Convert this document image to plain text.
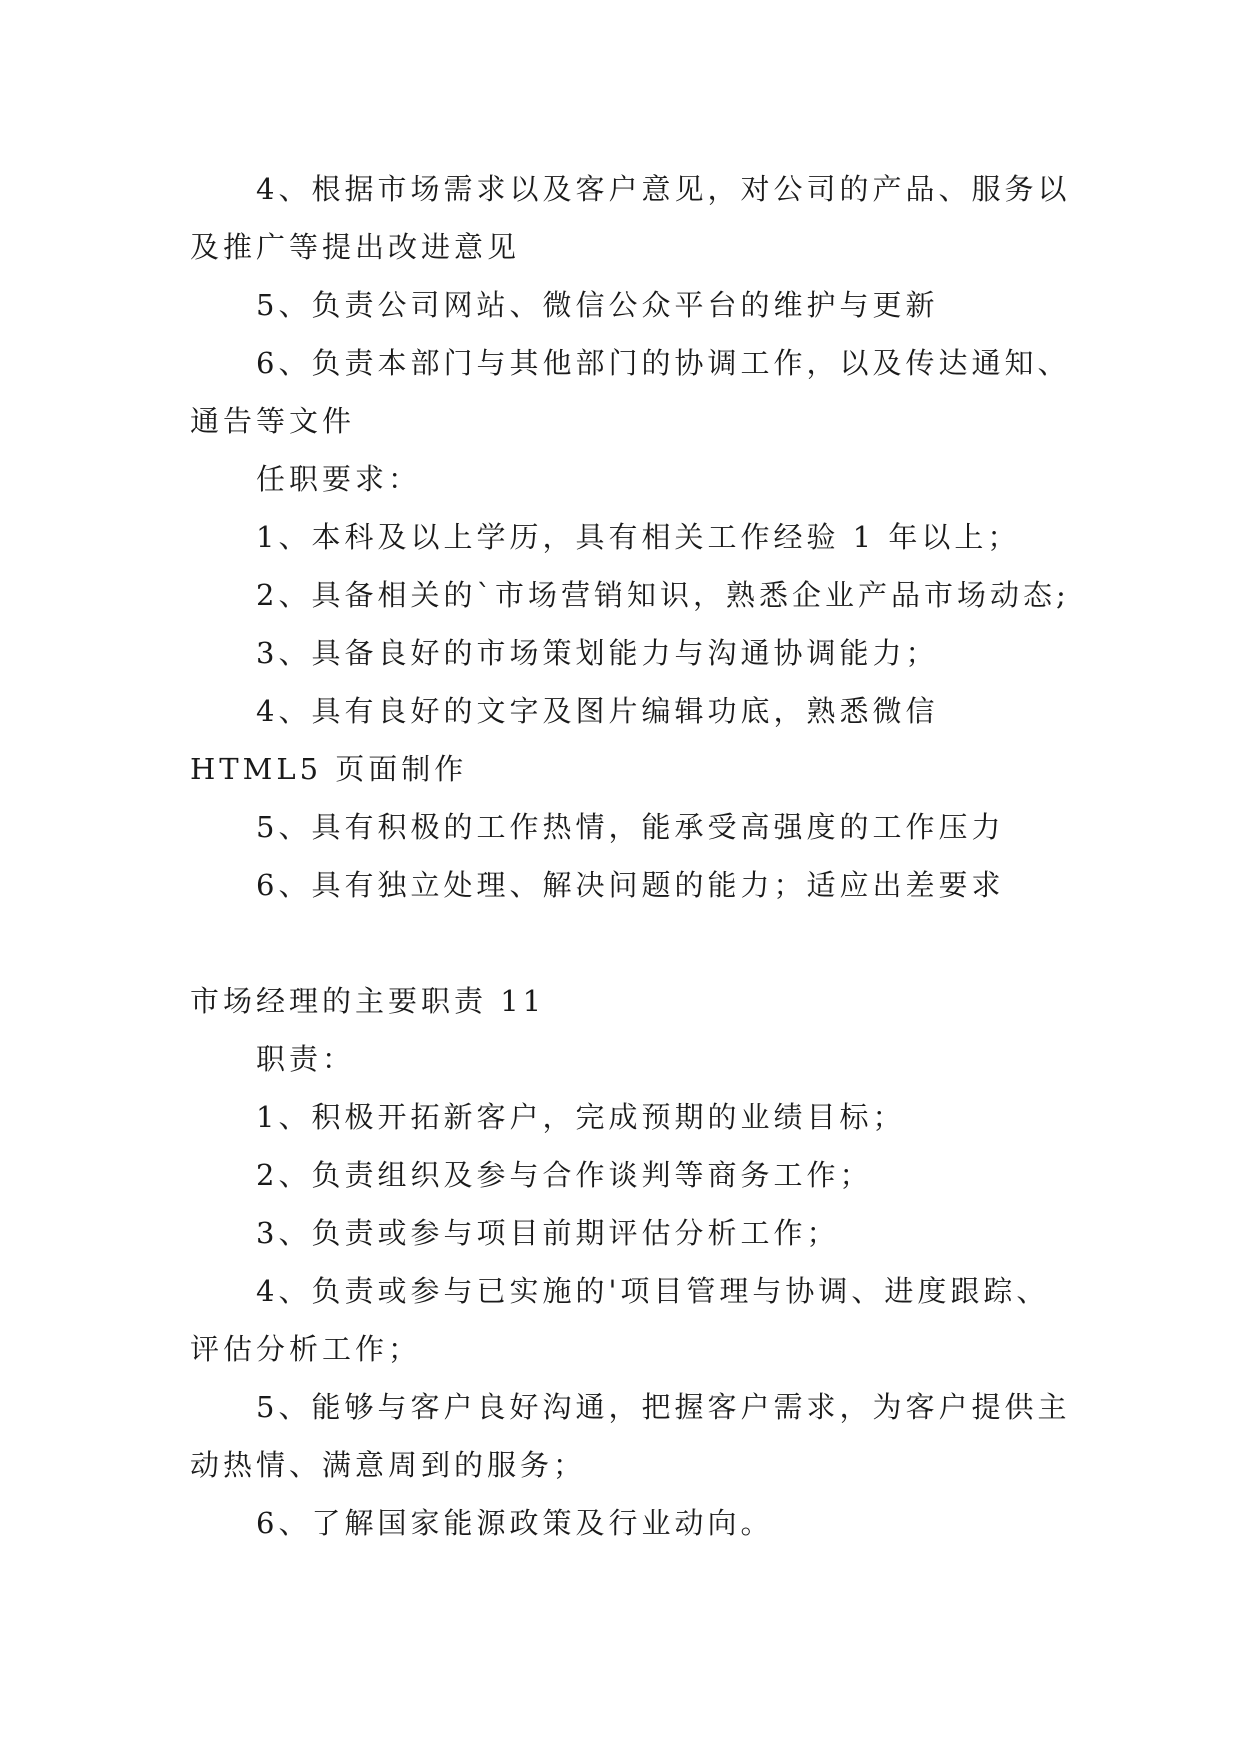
4、根据市场需求以及客户意见，对公司的产品、服务以及推广等提出改进意见

5、负责公司网站、微信公众平台的维护与更新

6、负责本部门与其他部门的协调工作，以及传达通知、通告等文件

任职要求：

1、本科及以上学历，具有相关工作经验 1 年以上；

2、具备相关的`市场营销知识，熟悉企业产品市场动态;

3、具备良好的市场策划能力与沟通协调能力；

4、具有良好的文字及图片编辑功底，熟悉微信 HTML5 页面制作

5、具有积极的工作热情，能承受高强度的工作压力

6、具有独立处理、解决问题的能力；适应出差要求

市场经理的主要职责 11

职责：

1、积极开拓新客户，完成预期的业绩目标；

2、负责组织及参与合作谈判等商务工作；

3、负责或参与项目前期评估分析工作；

4、负责或参与已实施的'项目管理与协调、进度跟踪、评估分析工作；

5、能够与客户良好沟通，把握客户需求，为客户提供主动热情、满意周到的服务；

6、了解国家能源政策及行业动向。
